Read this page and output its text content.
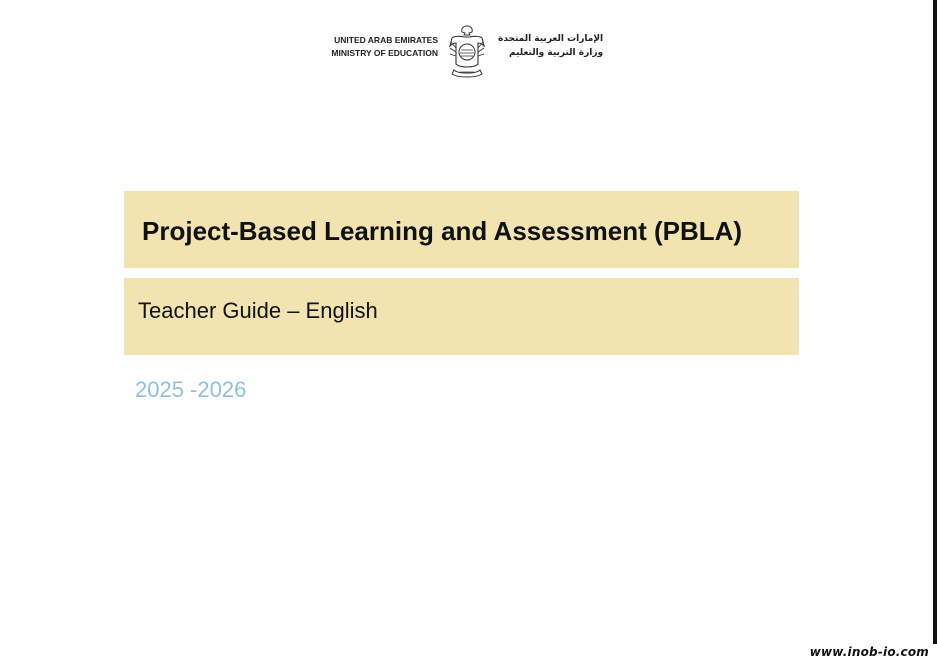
UNITED ARAB EMIRATES
MINISTRY OF EDUCATION
الإمارات العربية المتحدة
وزارة التربية والتعليم
Project-Based Learning and Assessment (PBLA)
Teacher Guide – English
2025 -2026
www.inob-io.com
